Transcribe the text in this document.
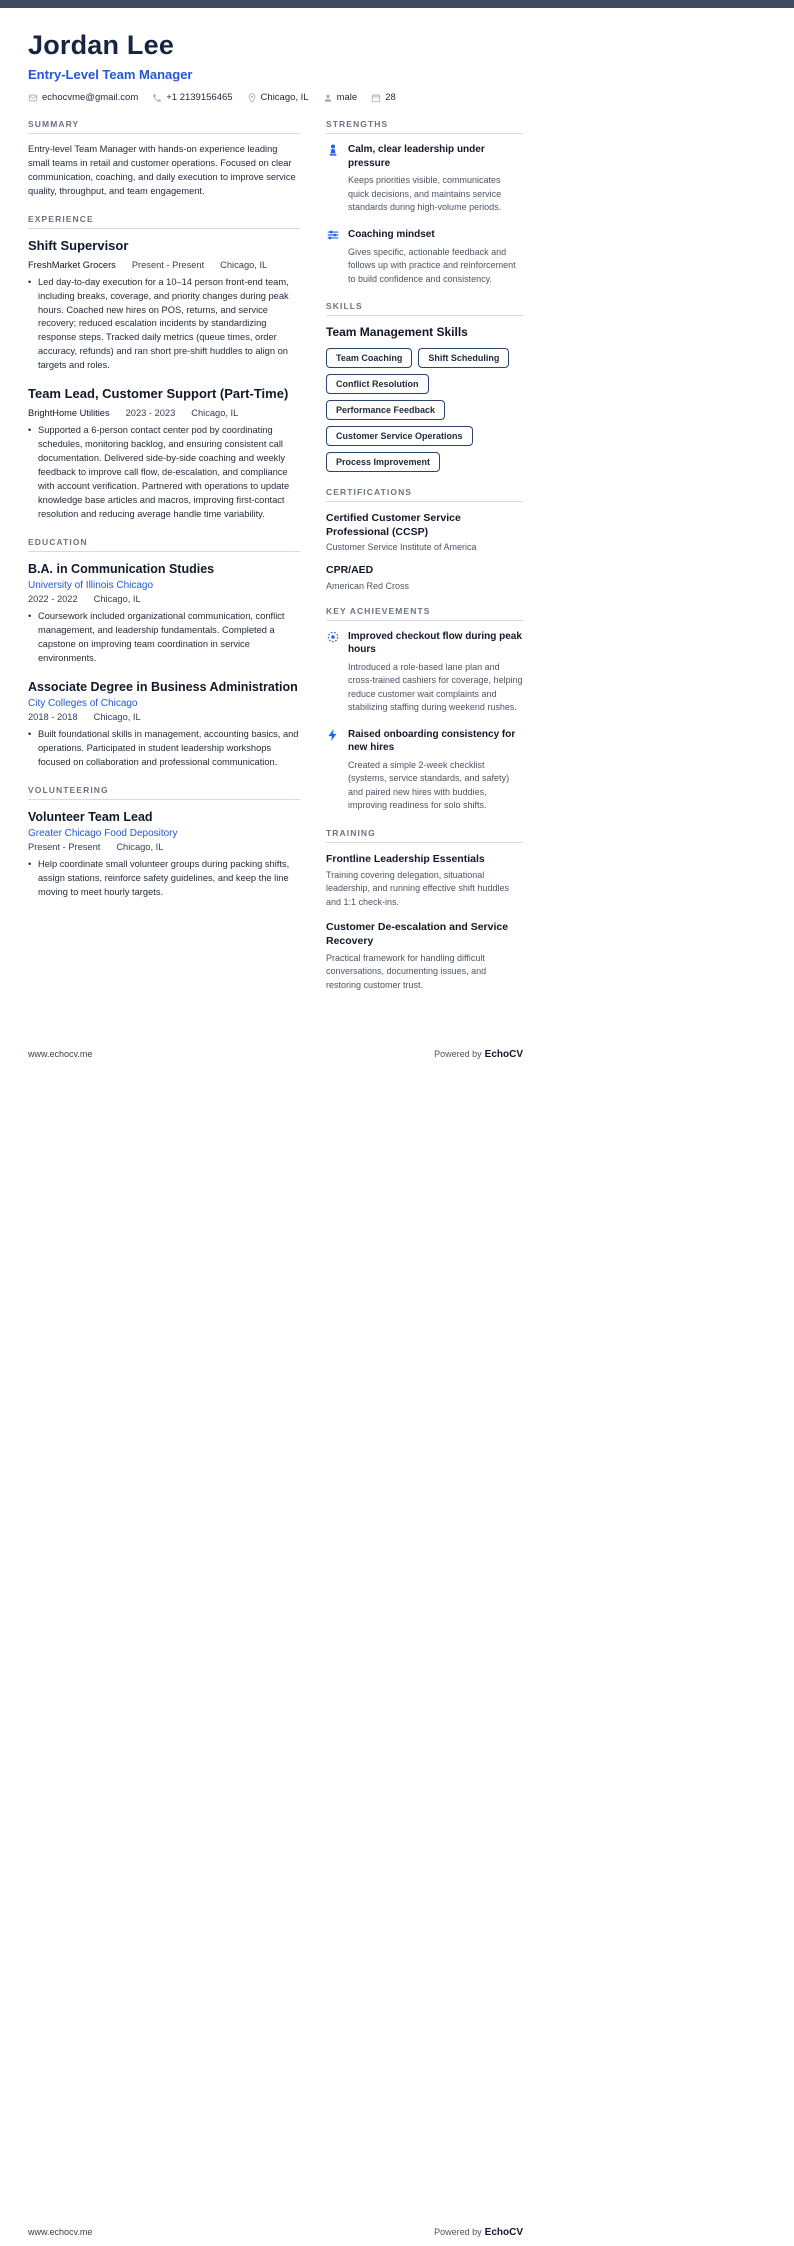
Jordan Lee
Entry-Level Team Manager
echocvme@gmail.com	+1 2139156465	Chicago, IL	male	28
SUMMARY

Entry-level Team Manager with hands-on experience leading small teams in retail and customer operations. Focused on clear communication, coaching, and daily execution to improve service quality, throughput, and team engagement.

EXPERIENCE
Shift Supervisor
FreshMarket Grocers Present - Present Chicago, IL
• Led day-to-day execution for a 10–14 person front-end team, including breaks, coverage, and priority changes during peak hours. Coached new hires on POS, returns, and service recovery; reduced escalation incidents by standardizing response steps. Tracked daily metrics (queue times, order accuracy, refunds) and ran short pre-shift huddles to align on targets and roles.

Team Lead, Customer Support (Part-Time)
BrightHome Utilities 2023 - 2023 Chicago, IL
• Supported a 6-person contact center pod by coordinating schedules, monitoring backlog, and ensuring consistent call documentation. Delivered side-by-side coaching and weekly feedback to improve call flow, de-escalation, and compliance with account verification. Partnered with operations to update knowledge base articles and macros, improving first-contact resolution and reducing average handle time variability.

EDUCATION
B.A. in Communication Studies
University of Illinois Chicago
2022 - 2022 Chicago, IL
• Coursework included organizational communication, conflict management, and leadership fundamentals. Completed a capstone on improving team coordination in service environments.

Associate Degree in Business Administration
City Colleges of Chicago
2018 - 2018 Chicago, IL
• Built foundational skills in management, accounting basics, and operations. Participated in student leadership workshops focused on collaboration and professional communication.

VOLUNTEERING
Volunteer Team Lead
Greater Chicago Food Depository
Present - Present Chicago, IL
• Help coordinate small volunteer groups during packing shifts, assign stations, reinforce safety guidelines, and keep the line moving to meet hourly targets.

STRENGTHS
Calm, clear leadership under pressure

Keeps priorities visible, communicates quick decisions, and maintains service standards during high-volume periods.

Coaching mindset

Gives specific, actionable feedback and follows up with practice and reinforcement to build confidence and consistency.

SKILLS
Team Management Skills
Team Coaching	Shift Scheduling
Conflict Resolution
Performance Feedback
Customer Service Operations
Process Improvement
CERTIFICATIONS
Certified Customer Service Professional (CCSP)
Customer Service Institute of America
CPR/AED
American Red Cross
KEY ACHIEVEMENTS
Improved checkout flow during peak hours

Introduced a role-based lane plan and cross-trained cashiers for coverage, helping reduce customer wait complaints and stabilizing staffing during weekend rushes.

Raised onboarding consistency for new hires

Created a simple 2-week checklist (systems, service standards, and safety) and paired new hires with buddies, improving readiness for solo shifts.

TRAINING
Frontline Leadership Essentials

Training covering delegation, situational leadership, and running effective shift huddles and 1:1 check-ins.

Customer De-escalation and Service Recovery

Practical framework for handling difficult conversations, documenting issues, and restoring customer trust.

www.echocv.me	Powered by EchoCV
www.echocv.me	Powered by EchoCV
